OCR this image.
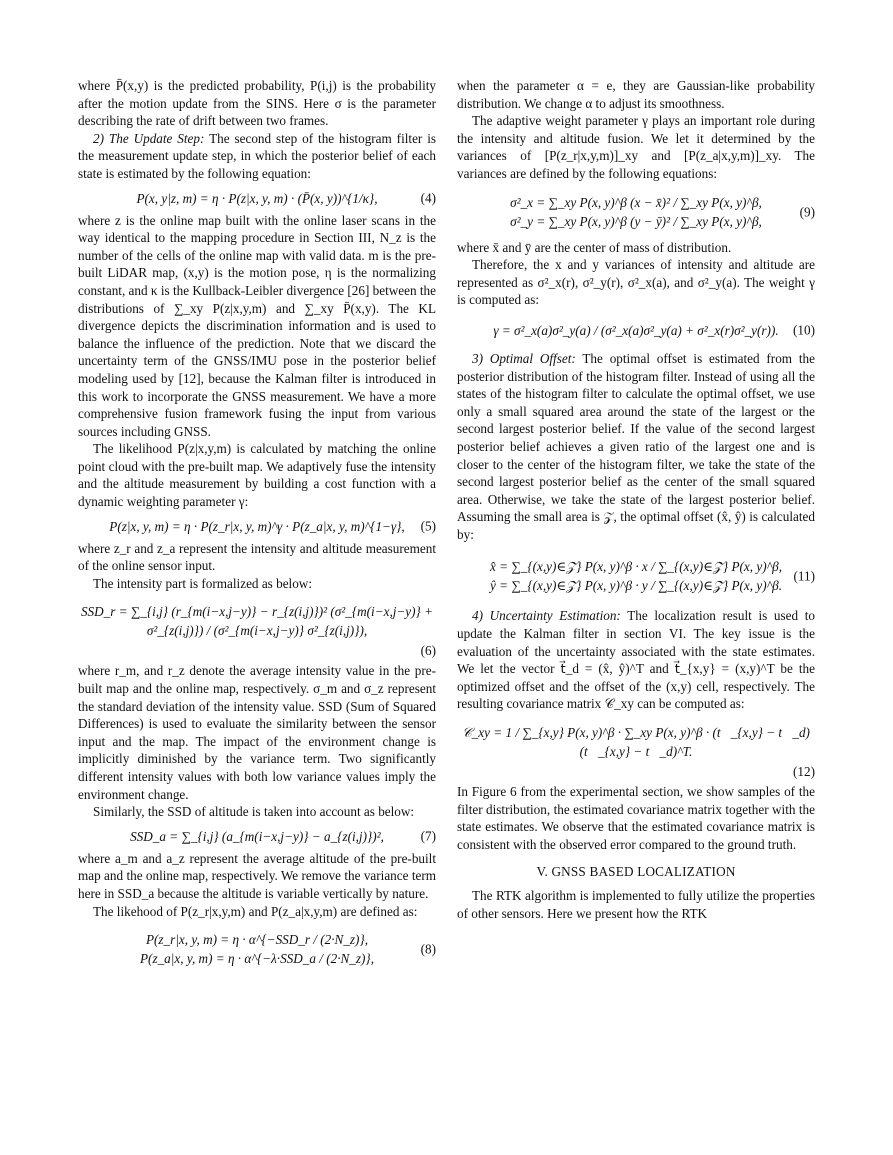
where P̄(x,y) is the predicted probability, P(i,j) is the probability after the motion update from the SINS. Here σ is the parameter describing the rate of drift between two frames.

2) The Update Step: The second step of the histogram filter is the measurement update step, in which the posterior belief of each state is estimated by the following equation:

P(x, y|z, m) = η · P(z|x, y, m) · (P̄(x, y))^{1/κ},	(4)

where z is the online map built with the online laser scans in the way identical to the mapping procedure in Section III, N_z is the number of the cells of the online map with valid data. m is the pre-built LiDAR map, (x,y) is the motion pose, η is the normalizing constant, and κ is the Kullback-Leibler divergence [26] between the distributions of ∑_xy P(z|x,y,m) and ∑_xy P̄(x,y). The KL divergence depicts the discrimination information and is used to balance the influence of the prediction. Note that we discard the uncertainty term of the GNSS/IMU pose in the posterior belief modeling used by [12], because the Kalman filter is introduced in this work to incorporate the GNSS measurement. We have a more comprehensive fusion framework fusing the input from various sources including GNSS.

The likelihood P(z|x,y,m) is calculated by matching the online point cloud with the pre-built map. We adaptively fuse the intensity and the altitude measurement by building a cost function with a dynamic weighting parameter γ:

P(z|x, y, m) = η · P(z_r|x, y, m)^γ · P(z_a|x, y, m)^{1−γ}, (5)

where z_r and z_a represent the intensity and altitude measurement of the online sensor input.

The intensity part is formalized as below:

SSD_r = ∑_{i,j} (r_{m(i−x,j−y)} − r_{z(i,j)})² (σ²_{m(i−x,j−y)} + σ²_{z(i,j)}) / (σ²_{m(i−x,j−y)} σ²_{z(i,j)}),
(6)

where r_m, and r_z denote the average intensity value in the pre-built map and the online map, respectively. σ_m and σ_z represent the standard deviation of the intensity value. SSD (Sum of Squared Differences) is used to evaluate the similarity between the sensor input and the map. The impact of the environment change is implicitly diminished by the variance term. Two significantly different intensity values with both low variance values imply the environment change.

Similarly, the SSD of altitude is taken into account as below:

SSD_a = ∑_{i,j} (a_{m(i−x,j−y)} − a_{z(i,j)})²,	(7)

where a_m and a_z represent the average altitude of the pre-built map and the online map, respectively. We remove the variance term here in SSD_a because the altitude is variable vertically by nature.

The likehood of P(z_r|x,y,m) and P(z_a|x,y,m) are defined as:

P(z_r|x, y, m) = η · α^{−SSD_r / (2·N_z)},
P(z_a|x, y, m) = η · α^{−λ·SSD_a / (2·N_z)},
(8)

when the parameter α = e, they are Gaussian-like probability distribution. We change α to adjust its smoothness.

The adaptive weight parameter γ plays an important role during the intensity and altitude fusion. We let it determined by the variances of [P(z_r|x,y,m)]_xy and [P(z_a|x,y,m)]_xy. The variances are defined by the following equations:

σ²_x = ∑_xy P(x, y)^β (x − x̄)² / ∑_xy P(x, y)^β,
σ²_y = ∑_xy P(x, y)^β (y − ȳ)² / ∑_xy P(x, y)^β,
(9)

where x̄ and ȳ are the center of mass of distribution.

Therefore, the x and y variances of intensity and altitude are represented as σ²_x(r), σ²_y(r), σ²_x(a), and σ²_y(a). The weight γ is computed as:

γ = σ²_x(a)σ²_y(a) / (σ²_x(a)σ²_y(a) + σ²_x(r)σ²_y(r)). (10)

3) Optimal Offset: The optimal offset is estimated from the posterior distribution of the histogram filter. Instead of using all the states of the histogram filter to calculate the optimal offset, we use only a small squared area around the state of the largest or the second largest posterior belief. If the value of the second largest posterior belief achieves a given ratio of the largest one and is closer to the center of the histogram filter, we take the state of the second largest posterior belief as the center of the small squared area. Otherwise, we take the state of the largest posterior belief. Assuming the small area is 𝒵, the optimal offset (x̂, ŷ) is calculated by:

x̂ = ∑_{(x,y)∈𝒵} P(x, y)^β · x / ∑_{(x,y)∈𝒵} P(x, y)^β,
ŷ = ∑_{(x,y)∈𝒵} P(x, y)^β · y / ∑_{(x,y)∈𝒵} P(x, y)^β.
(11)

4) Uncertainty Estimation: The localization result is used to update the Kalman filter in section VI. The key issue is the evaluation of the uncertainty associated with the state estimates. We let the vector t⃗_d = (x̂, ŷ)^T and t⃗_{x,y} = (x,y)^T be the optimized offset and the offset of the (x,y) cell, respectively. The resulting covariance matrix 𝒞_xy can be computed as:

𝒞_xy = 1 / ∑_{x,y} P(x, y)^β · ∑_xy P(x, y)^β · (t⃗_{x,y} − t⃗_d)(t⃗_{x,y} − t⃗_d)^T.
(12)

In Figure 6 from the experimental section, we show samples of the filter distribution, the estimated covariance matrix together with the state estimates. We observe that the estimated covariance matrix is consistent with the observed error compared to the ground truth.

V. GNSS BASED LOCALIZATION

The RTK algorithm is implemented to fully utilize the properties of other sensors. Here we present how the RTK
